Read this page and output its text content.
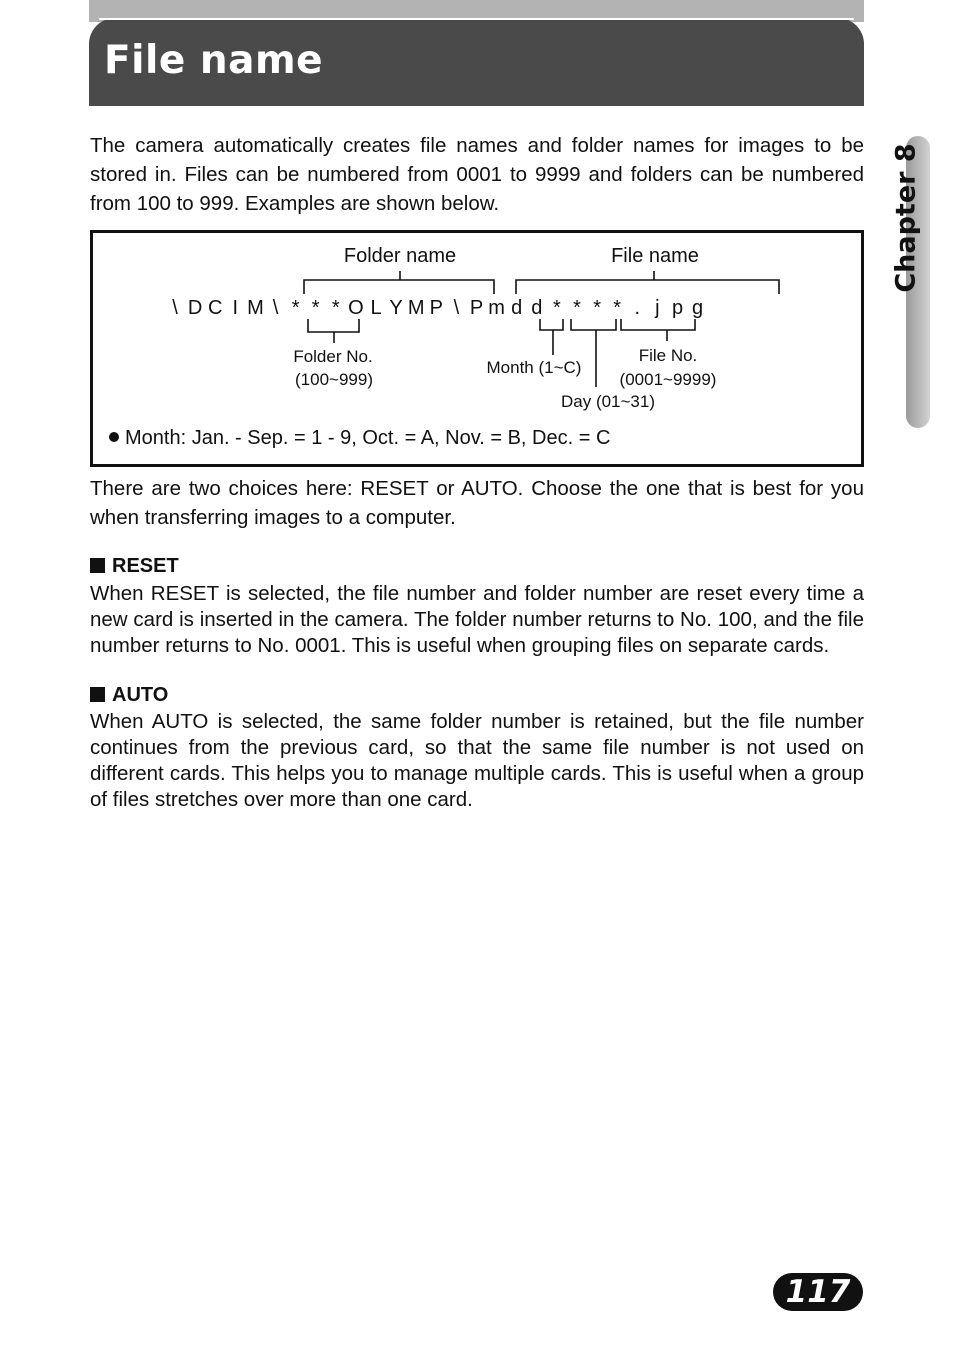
File name
Chapter 8

The camera automatically creates file names and folder names for images to be stored in. Files can be numbered from 0001 to 9999 and folders can be numbered from 100 to 999. Examples are shown below.

Folder name	File name
\ D C I M \ * * * O L Y M P \ P m d d * * * * . j p g
Folder No.
(100~999)
Month (1~C)
File No.
(0001~9999)
Day (01~31)
Month: Jan. - Sep. = 1 - 9, Oct. = A, Nov. = B, Dec. = C

There are two choices here: RESET or AUTO. Choose the one that is best for you when transferring images to a computer.

RESET

When RESET is selected, the file number and folder number are reset every time a new card is inserted in the camera. The folder number returns to No. 100, and the file number returns to No. 0001. This is useful when grouping files on separate cards.

AUTO

When AUTO is selected, the same folder number is retained, but the file number continues from the previous card, so that the same file number is not used on different cards. This helps you to manage multiple cards. This is useful when a group of files stretches over more than one card.

117
